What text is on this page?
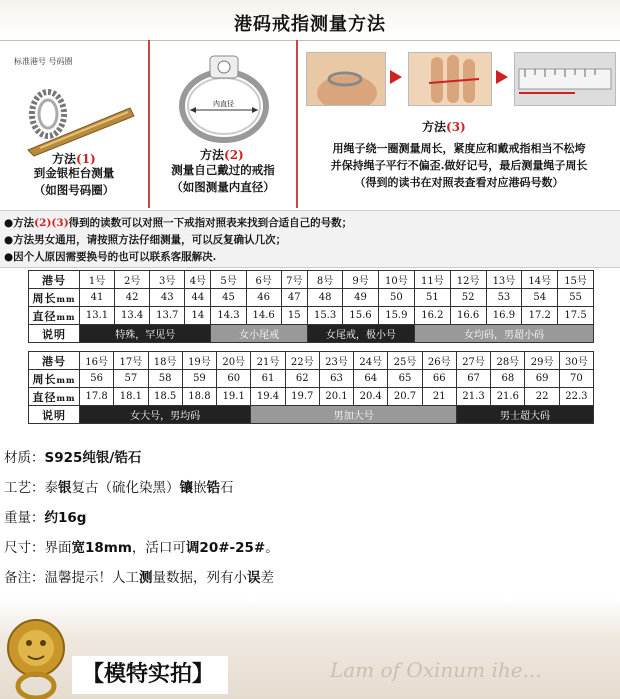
港码戒指测量方法
标准港号 号码圈
方法(1)
到金银柜台测量
（如图号码圈）
内直径
方法(2)
测量自己戴过的戒指
（如图测量内直径）
方法(3)
用绳子绕一圈测量周长，紧度应和戴戒指相当不松垮
并保持绳子平行不偏歪.做好记号，最后测量绳子周长
（得到的读书在对照表查看对应港码号数）
●方法(2)(3)得到的读数可以对照一下戒指对照表来找到合适自己的号数；
●方法男女通用，请按照方法仔细测量，可以反复确认几次；
●因个人原因需要换号的也可以联系客服解决.
港号	1号	2号	3号	4号	5号	6号	7号	8号	9号	10号	11号	12号	13号	14号	15号
周长mm	41	42	43	44	45	46	47	48	49	50	51	52	53	54	55
直径mm	13.1	13.4	13.7	14	14.3	14.6	15	15.3	15.6	15.9	16.2	16.6	16.9	17.2	17.5
说明	特殊，罕见号				女小尾戒			女尾戒，极小号			女均码，男超小码				
港号	16号	17号	18号	19号	20号	21号	22号	23号	24号	25号	26号	27号	28号	29号	30号
周长mm	56	57	58	59	60	61	62	63	64	65	66	67	68	69	70
直径mm	17.8	18.1	18.5	18.8	19.1	19.4	19.7	20.1	20.4	20.7	21	21.3	21.6	22	22.3
说明	女大号，男均码					男加大号						男士超大码			
材质：S925纯银/锆石
工艺：泰银复古（硫化染黑）镶嵌锆石
重量：约16g
尺寸：界面宽18mm，活口可调20#-25#。
备注：温馨提示！人工测量数据，列有小误差
Lam of Oxinum ihe...
【模特实拍】
